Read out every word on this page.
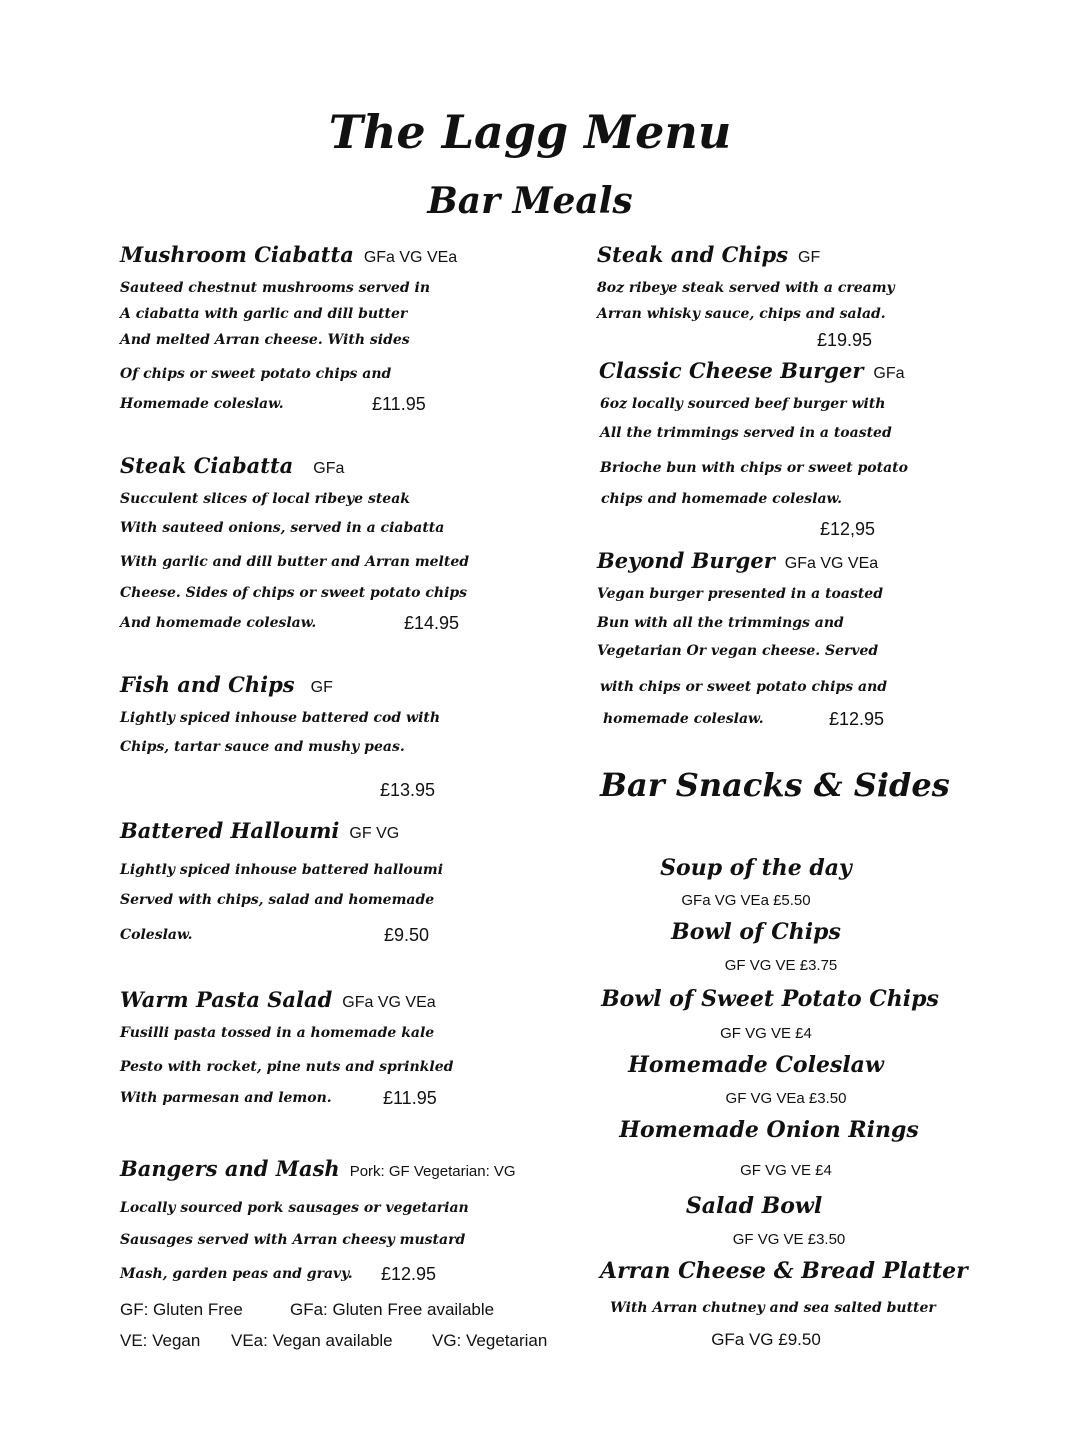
The Lagg Menu
Bar Meals
Mushroom Ciabatta GFa VG VEa
Sauteed chestnut mushrooms served in
A ciabatta with garlic and dill butter
And melted Arran cheese. With sides
Of chips or sweet potato chips and
Homemade coleslaw.	£11.95
Steak Ciabatta GFa
Succulent slices of local ribeye steak
With sauteed onions, served in a ciabatta
With garlic and dill butter and Arran melted
Cheese. Sides of chips or sweet potato chips
And homemade coleslaw.	£14.95
Fish and Chips GF
Lightly spiced inhouse battered cod with
Chips, tartar sauce and mushy peas.
£13.95
Battered Halloumi GF VG
Lightly spiced inhouse battered halloumi
Served with chips, salad and homemade
Coleslaw.	£9.50
Warm Pasta Salad GFa VG VEa
Fusilli pasta tossed in a homemade kale
Pesto with rocket, pine nuts and sprinkled
With parmesan and lemon.	£11.95
Bangers and Mash Pork: GF Vegetarian: VG
Locally sourced pork sausages or vegetarian
Sausages served with Arran cheesy mustard
Mash, garden peas and gravy. £12.95
GF: Gluten Free	GFa: Gluten Free available
VE: Vegan VEa: Vegan available VG: Vegetarian
Steak and Chips GF
8oz ribeye steak served with a creamy
Arran whisky sauce, chips and salad.
£19.95
Classic Cheese Burger GFa
6oz locally sourced beef burger with
All the trimmings served in a toasted
Brioche bun with chips or sweet potato
chips and homemade coleslaw.
£12,95
Beyond Burger GFa VG VEa
Vegan burger presented in a toasted
Bun with all the trimmings and
Vegetarian Or vegan cheese. Served
with chips or sweet potato chips and
homemade coleslaw.	£12.95
Bar Snacks & Sides
Soup of the day
GFa VG VEa £5.50
Bowl of Chips
GF VG VE £3.75
Bowl of Sweet Potato Chips
GF VG VE £4
Homemade Coleslaw
GF VG VEa £3.50
Homemade Onion Rings
GF VG VE £4
Salad Bowl
GF VG VE £3.50
Arran Cheese & Bread Platter
With Arran chutney and sea salted butter
GFa VG £9.50
